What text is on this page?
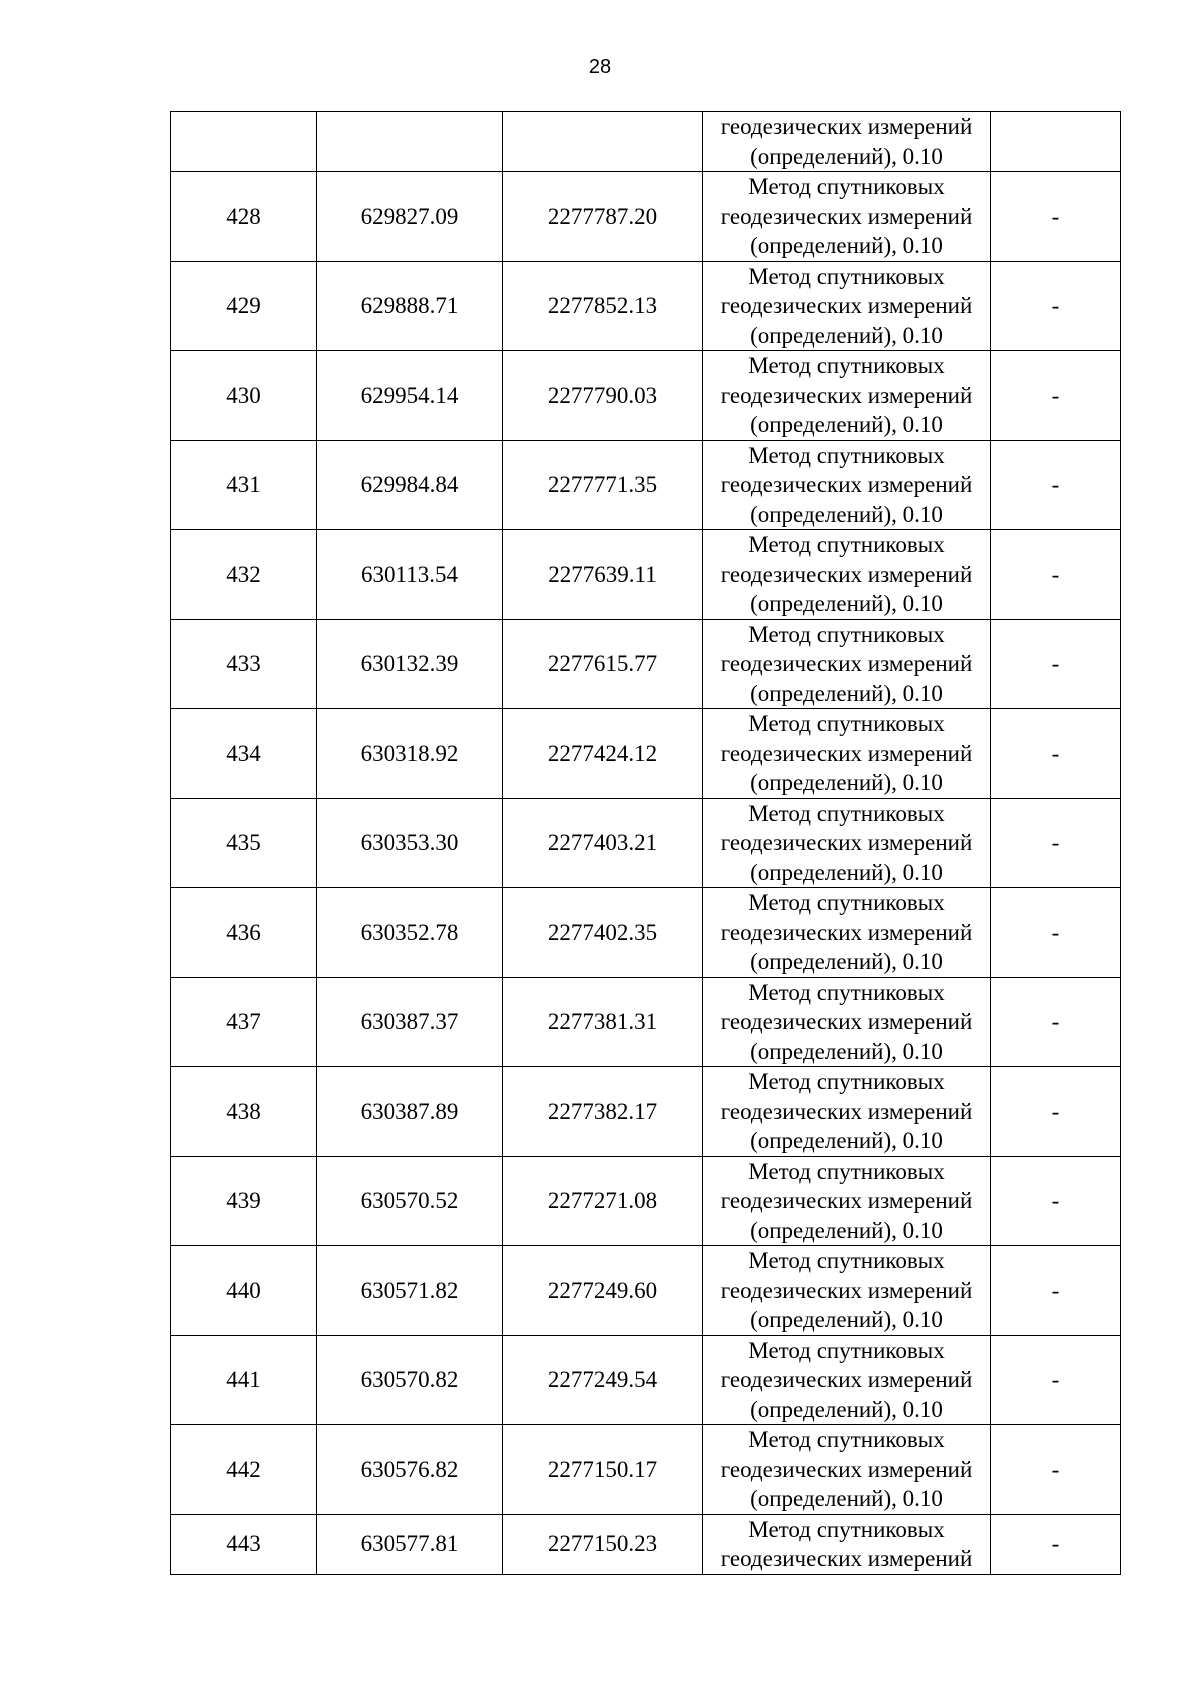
28

			геодезических измерений
(определений), 0.10	

428	629827.09	2277787.20	Метод спутниковых
геодезических измерений
(определений), 0.10	-
429	629888.71	2277852.13	Метод спутниковых
геодезических измерений
(определений), 0.10	-
430	629954.14	2277790.03	Метод спутниковых
геодезических измерений
(определений), 0.10	-
431	629984.84	2277771.35	Метод спутниковых
геодезических измерений
(определений), 0.10	-
432	630113.54	2277639.11	Метод спутниковых
геодезических измерений
(определений), 0.10	-
433	630132.39	2277615.77	Метод спутниковых
геодезических измерений
(определений), 0.10	-
434	630318.92	2277424.12	Метод спутниковых
геодезических измерений
(определений), 0.10	-
435	630353.30	2277403.21	Метод спутниковых
геодезических измерений
(определений), 0.10	-
436	630352.78	2277402.35	Метод спутниковых
геодезических измерений
(определений), 0.10	-
437	630387.37	2277381.31	Метод спутниковых
геодезических измерений
(определений), 0.10	-
438	630387.89	2277382.17	Метод спутниковых
геодезических измерений
(определений), 0.10	-
439	630570.52	2277271.08	Метод спутниковых
геодезических измерений
(определений), 0.10	-
440	630571.82	2277249.60	Метод спутниковых
геодезических измерений
(определений), 0.10	-
441	630570.82	2277249.54	Метод спутниковых
геодезических измерений
(определений), 0.10	-
442	630576.82	2277150.17	Метод спутниковых
геодезических измерений
(определений), 0.10	-
443	630577.81	2277150.23	Метод спутниковых
геодезических измерений	-
